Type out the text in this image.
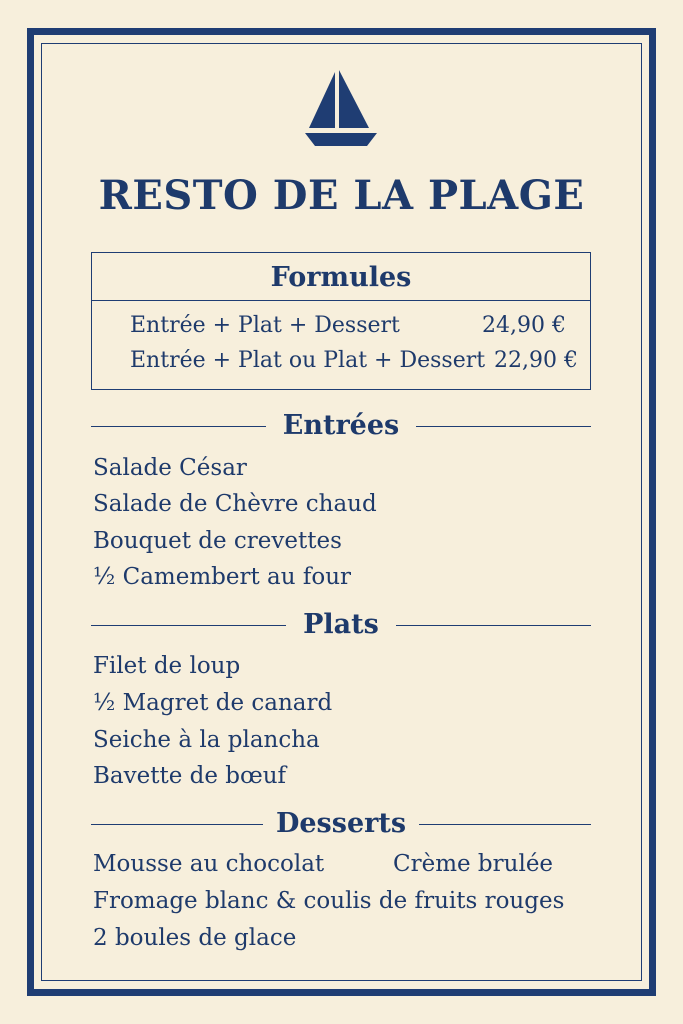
RESTO DE LA PLAGE
Formules
Entrée + Plat + Dessert	24,90 €
Entrée + Plat ou Plat + Dessert 22,90 €
Entrées
Salade César
Salade de Chèvre chaud
Bouquet de crevettes
½ Camembert au four
Plats
Filet de loup
½ Magret de canard
Seiche à la plancha
Bavette de bœuf
Desserts
Mousse au chocolat	Crème brulée
Fromage blanc & coulis de fruits rouges
2 boules de glace
